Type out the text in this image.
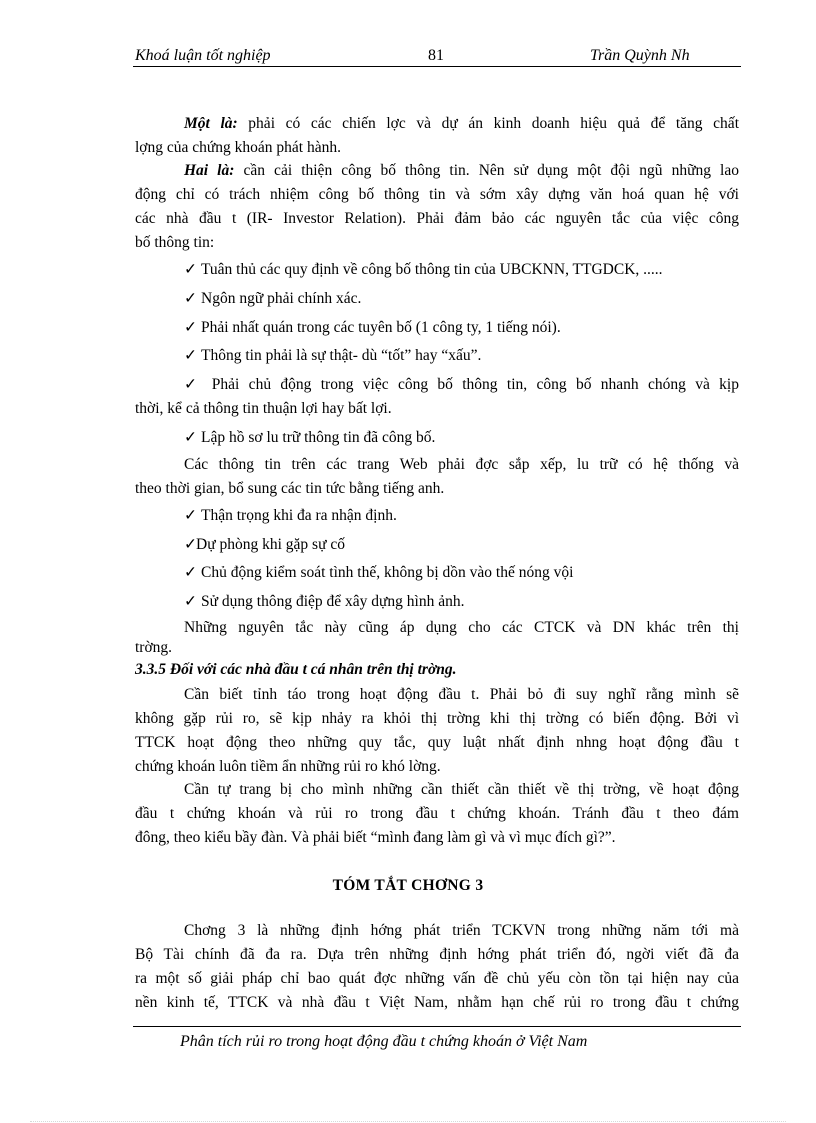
Khoá luận tốt nghiệp	81	Trần Quỳnh Nh
Một là: phải có các chiến lợc và dự án kinh doanh hiệu quả để tăng chất
lợng của chứng khoán phát hành.
Hai là: cần cải thiện công bố thông tin. Nên sử dụng một đội ngũ những lao
động chỉ có trách nhiệm công bố thông tin và sớm xây dựng văn hoá quan hệ với
các nhà đầu t (IR- Investor Relation). Phải đảm bảo các nguyên tắc của việc công
bố thông tin:
✓ Tuân thủ các quy định về công bố thông tin của UBCKNN, TTGDCK, .....
✓ Ngôn ngữ phải chính xác.
✓ Phải nhất quán trong các tuyên bố (1 công ty, 1 tiếng nói).
✓ Thông tin phải là sự thật- dù “tốt” hay “xấu”.
✓ Phải chủ động trong việc công bố thông tin, công bố nhanh chóng và kịp
thời, kể cả thông tin thuận lợi hay bất lợi.
✓ Lập hồ sơ lu trữ thông tin đã công bố.
Các thông tin trên các trang Web phải đợc sắp xếp, lu trữ có hệ thống và
theo thời gian, bổ sung các tin tức bằng tiếng anh.
✓ Thận trọng khi đa ra nhận định.
✓Dự phòng khi gặp sự cố
✓ Chủ động kiểm soát tình thế, không bị dồn vào thế nóng vội
✓ Sử dụng thông điệp để xây dựng hình ảnh.
Những nguyên tắc này cũng áp dụng cho các CTCK và DN khác trên thị
trờng.
3.3.5 Đối với các nhà đầu t cá nhân trên thị trờng.
Cần biết tỉnh táo trong hoạt động đầu t. Phải bỏ đi suy nghĩ rằng mình sẽ
không gặp rủi ro, sẽ kịp nhảy ra khỏi thị trờng khi thị trờng có biến động. Bởi vì
TTCK hoạt động theo những quy tắc, quy luật nhất định nhng hoạt động đầu t
chứng khoán luôn tiềm ẩn những rủi ro khó lờng.
Cần tự trang bị cho mình những cần thiết cần thiết về thị trờng, về hoạt động
đầu t chứng khoán và rủi ro trong đầu t chứng khoán. Tránh đầu t theo đám
đông, theo kiểu bầy đàn. Và phải biết “mình đang làm gì và vì mục đích gì?”.
TÓM TẮT CHƠNG 3
Chơng 3 là những định hớng phát triển TCKVN trong những năm tới mà
Bộ Tài chính đã đa ra. Dựa trên những định hớng phát triển đó, ngời viết đã đa
ra một số giải pháp chỉ bao quát đợc những vấn đề chủ yếu còn tồn tại hiện nay của
nền kinh tế, TTCK và nhà đầu t Việt Nam, nhằm hạn chế rủi ro trong đầu t chứng
Phân tích rủi ro trong hoạt động đầu t chứng khoán ở Việt Nam
